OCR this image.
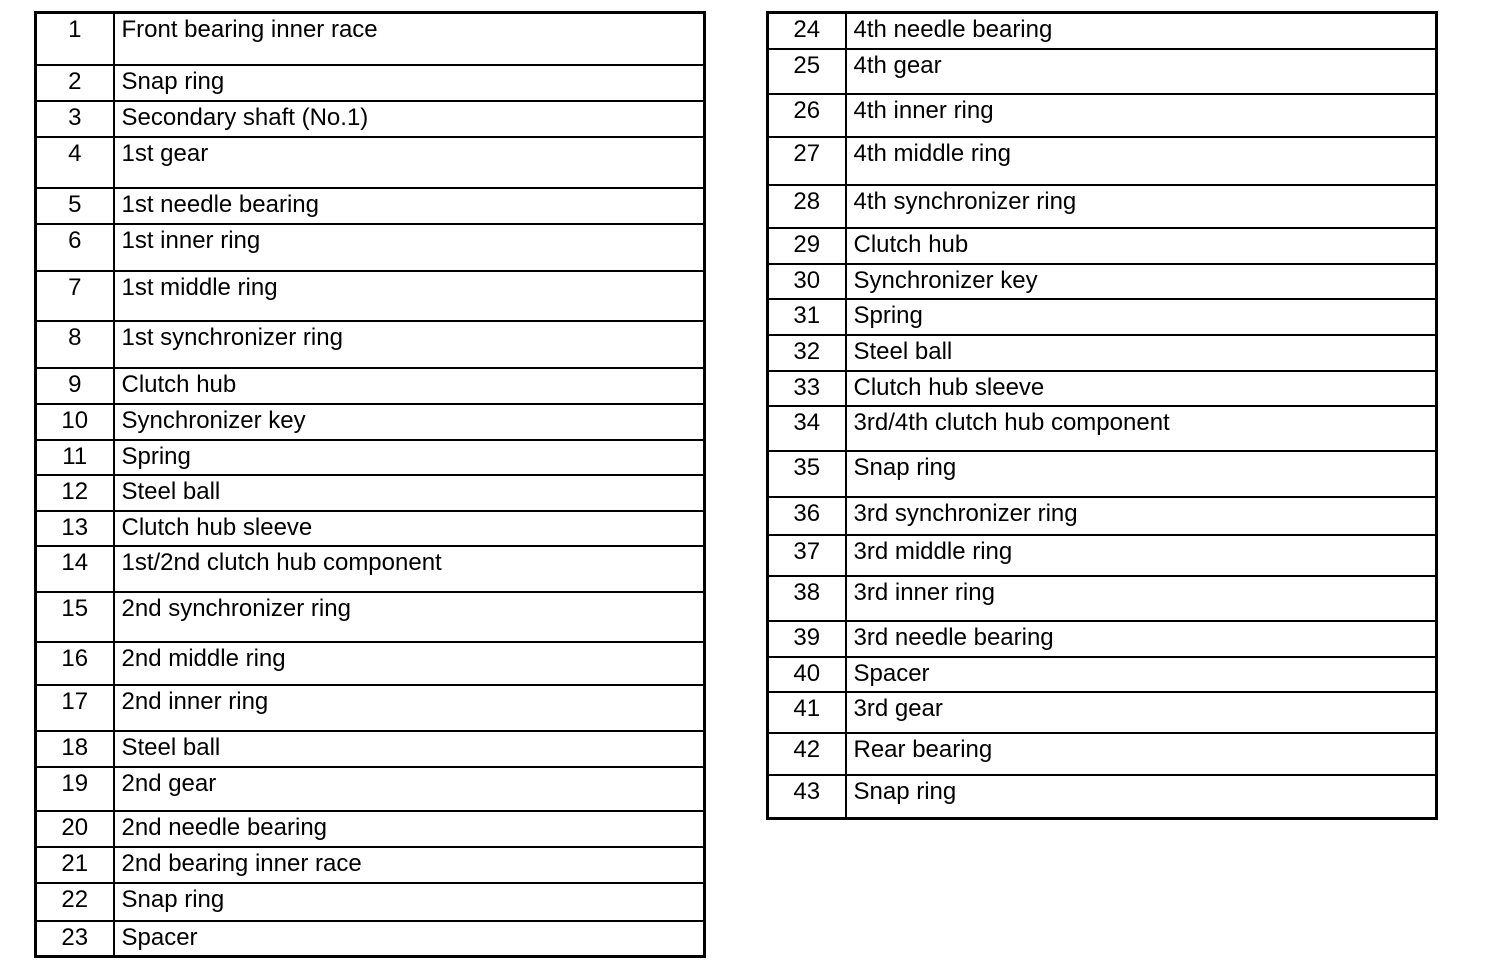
1	Front bearing inner race
2	Snap ring
3	Secondary shaft (No.1)
4	1st gear
5	1st needle bearing
6	1st inner ring
7	1st middle ring
8	1st synchronizer ring
9	Clutch hub
10	Synchronizer key
11	Spring
12	Steel ball
13	Clutch hub sleeve
14	1st/2nd clutch hub component
15	2nd synchronizer ring
16	2nd middle ring
17	2nd inner ring
18	Steel ball
19	2nd gear
20	2nd needle bearing
21	2nd bearing inner race
22	Snap ring
23	Spacer
24	4th needle bearing
25	4th gear
26	4th inner ring
27	4th middle ring
28	4th synchronizer ring
29	Clutch hub
30	Synchronizer key
31	Spring
32	Steel ball
33	Clutch hub sleeve
34	3rd/4th clutch hub component
35	Snap ring
36	3rd synchronizer ring
37	3rd middle ring
38	3rd inner ring
39	3rd needle bearing
40	Spacer
41	3rd gear
42	Rear bearing
43	Snap ring
